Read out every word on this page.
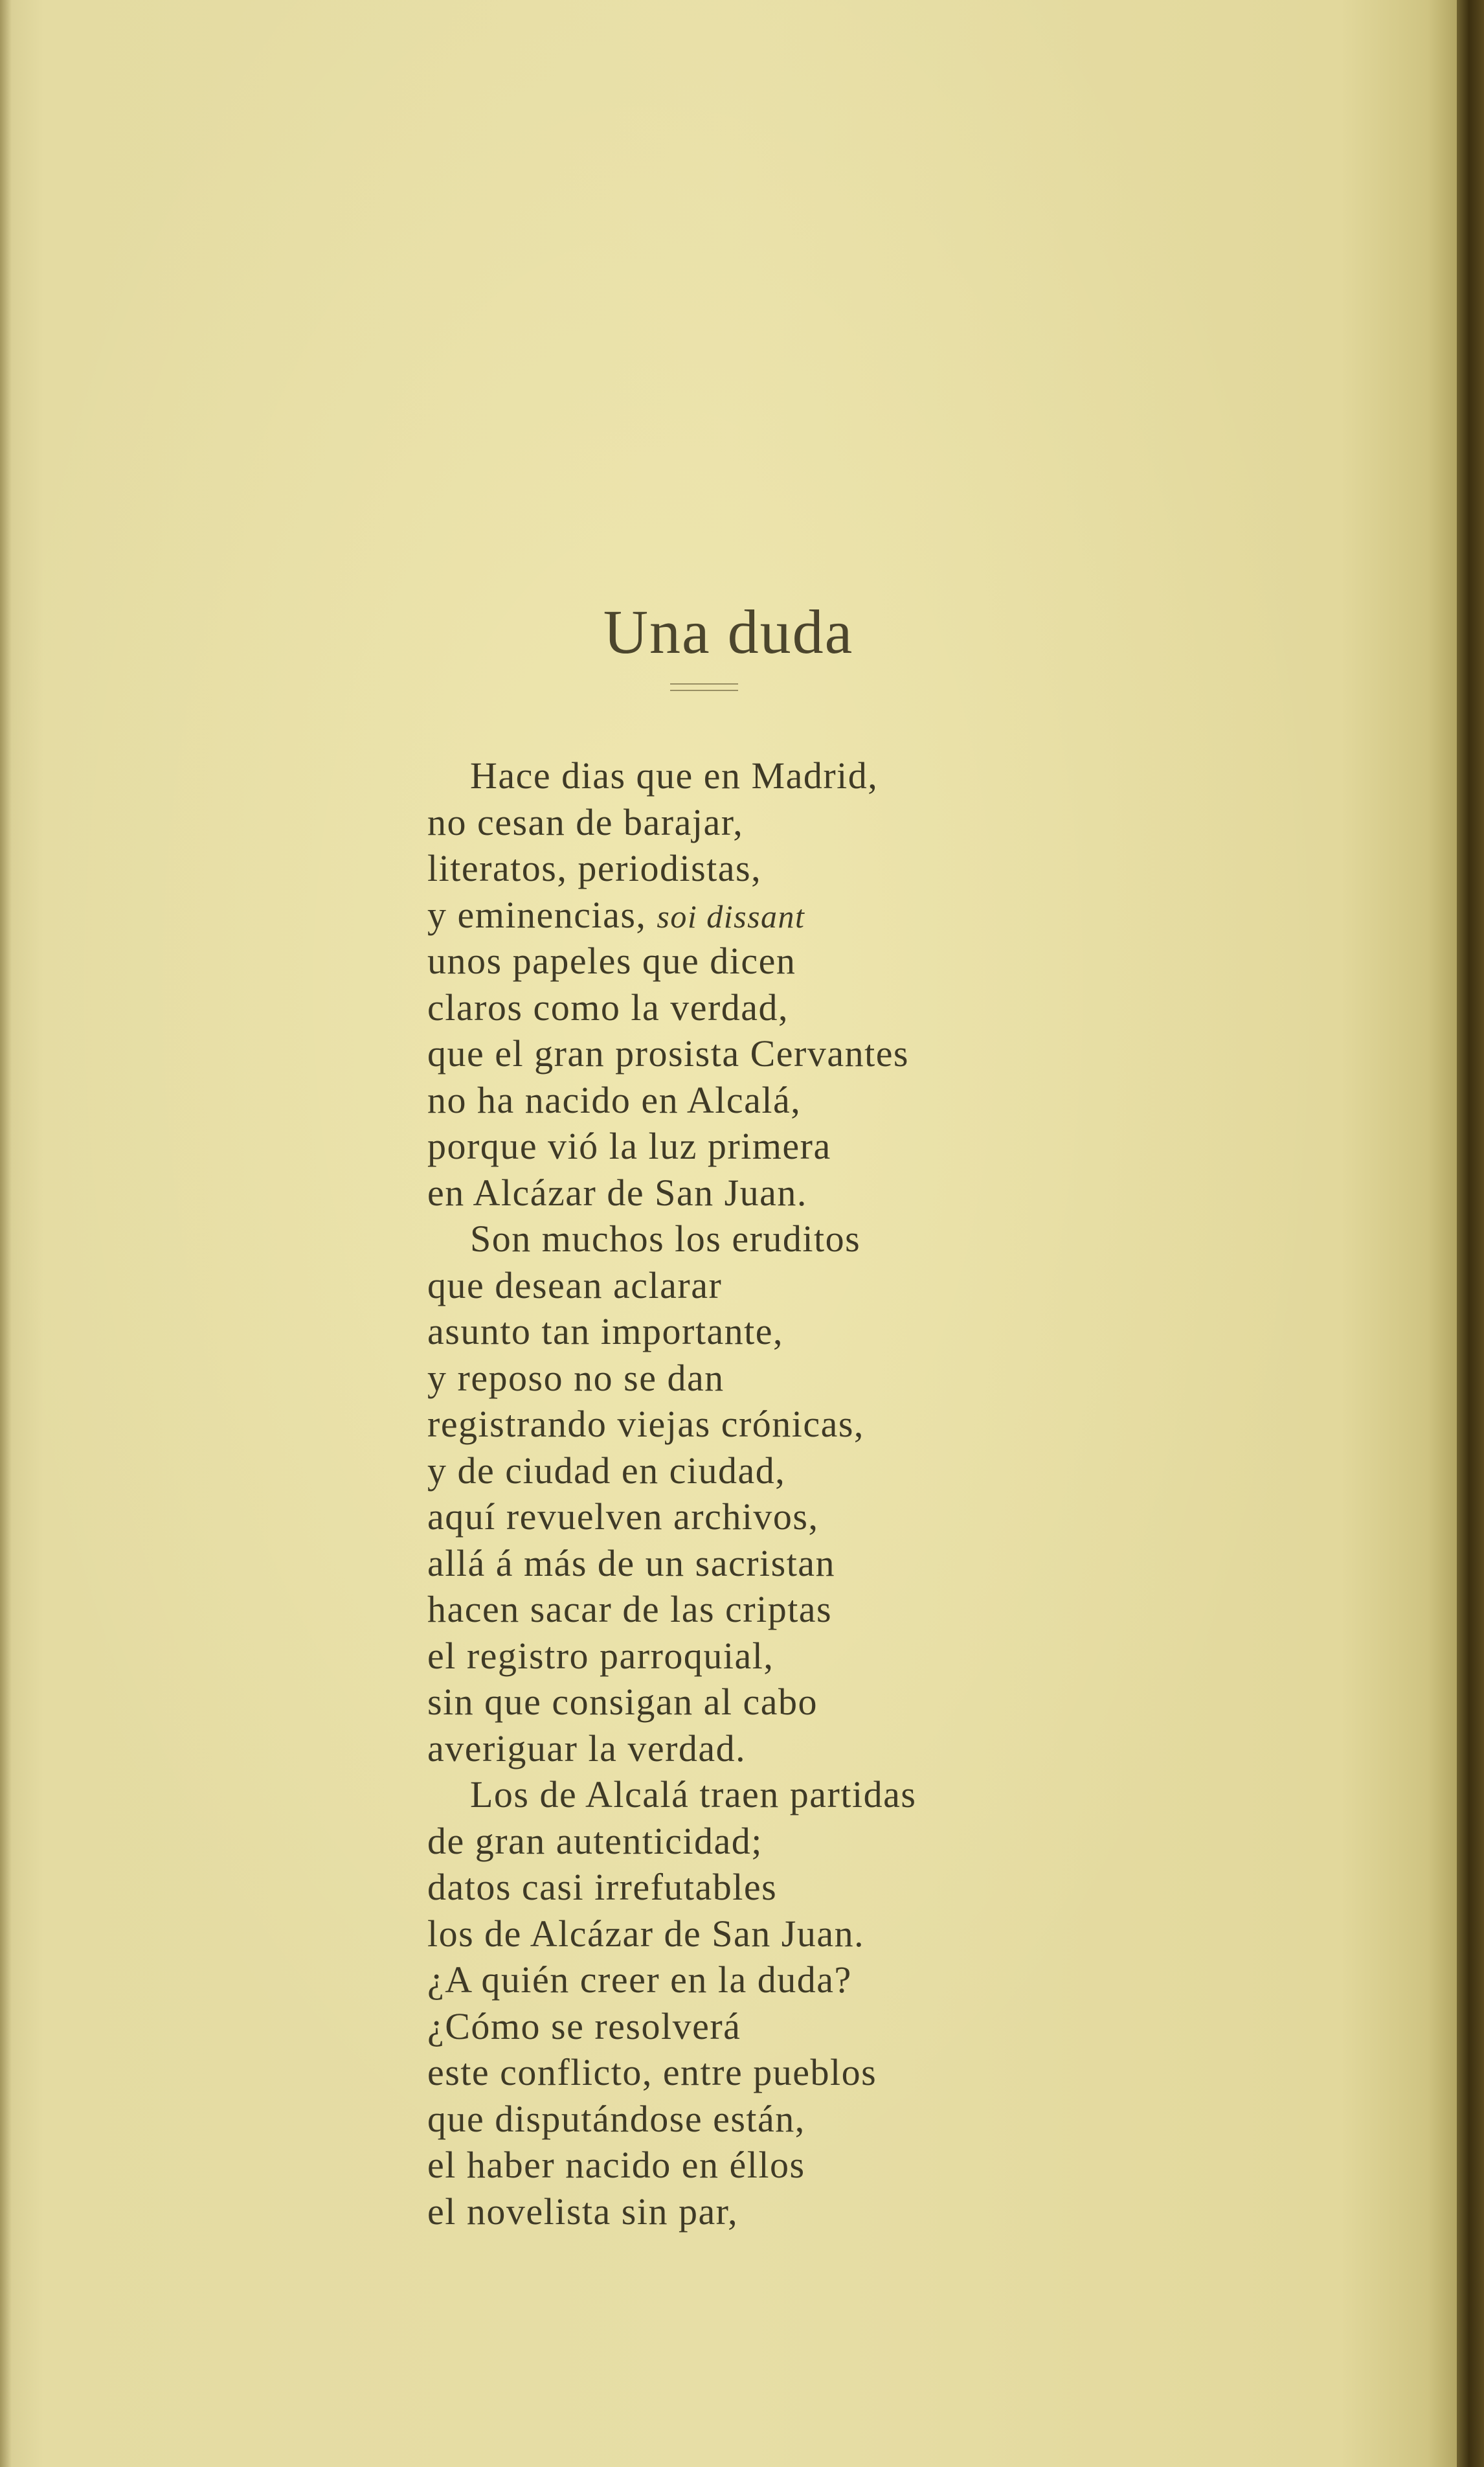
Una duda
Hace dias que en Madrid,
no cesan de barajar,
literatos, periodistas,
y eminencias, soi dissant
unos papeles que dicen
claros como la verdad,
que el gran prosista Cervantes
no ha nacido en Alcalá,
porque vió la luz primera
en Alcázar de San Juan.
Son muchos los eruditos
que desean aclarar
asunto tan importante,
y reposo no se dan
registrando viejas crónicas,
y de ciudad en ciudad,
aquí revuelven archivos,
allá á más de un sacristan
hacen sacar de las criptas
el registro parroquial,
sin que consigan al cabo
averiguar la verdad.
Los de Alcalá traen partidas
de gran autenticidad;
datos casi irrefutables
los de Alcázar de San Juan.
¿A quién creer en la duda?
¿Cómo se resolverá
este conflicto, entre pueblos
que disputándose están,
el haber nacido en éllos
el novelista sin par,
